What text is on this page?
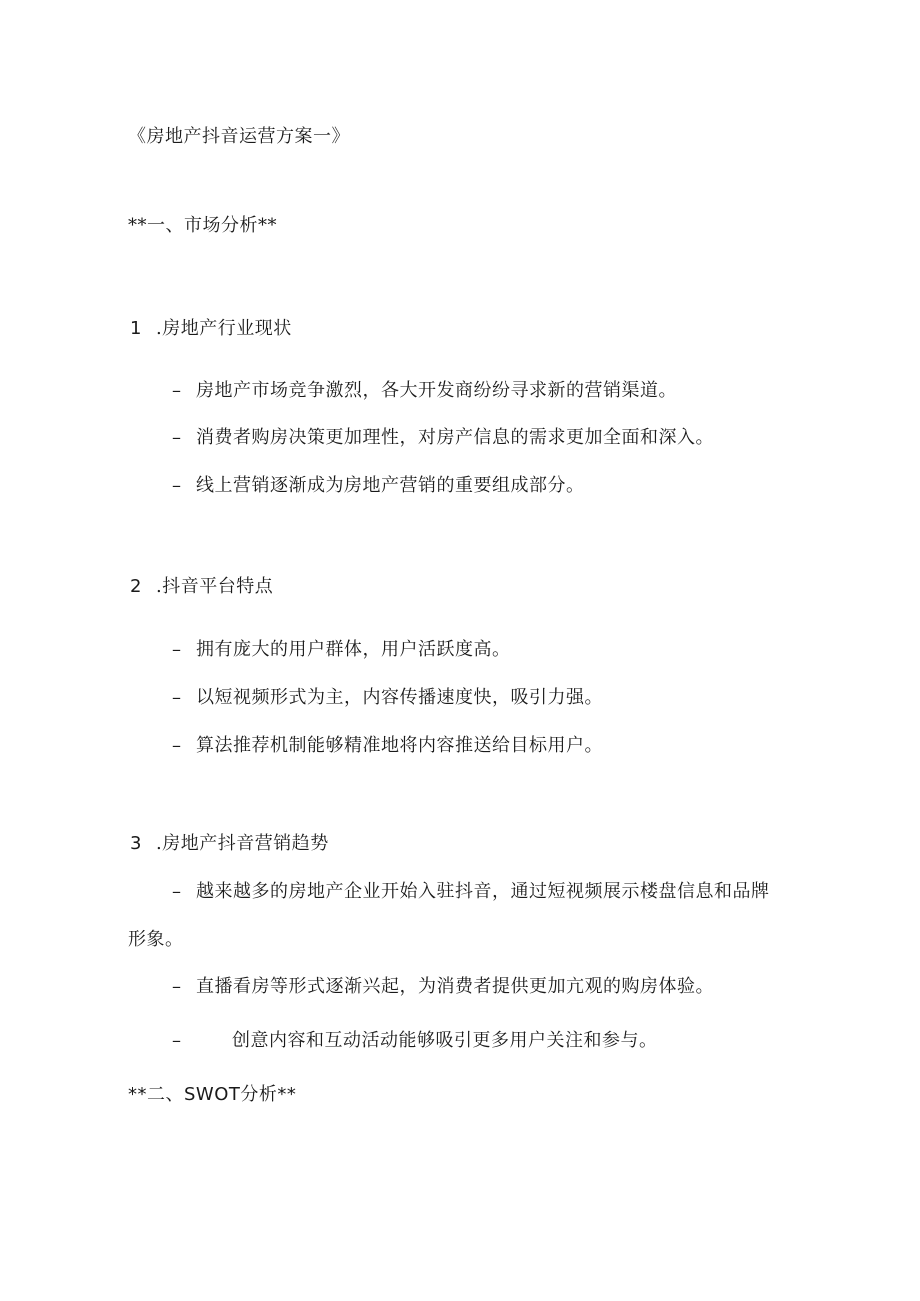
《房地产抖音运营方案一》
**一、市场分析**
1 .房地产行业现状
– 房地产市场竞争激烈，各大开发商纷纷寻求新的营销渠道。
– 消费者购房决策更加理性，对房产信息的需求更加全面和深入。
– 线上营销逐渐成为房地产营销的重要组成部分。
2 .抖音平台特点
– 拥有庞大的用户群体，用户活跃度高。
– 以短视频形式为主，内容传播速度快，吸引力强。
– 算法推荐机制能够精准地将内容推送给目标用户。
3 .房地产抖音营销趋势
– 越来越多的房地产企业开始入驻抖音，通过短视频展示楼盘信息和品牌
形象。
– 直播看房等形式逐渐兴起，为消费者提供更加亢观的购房体验。
–	创意内容和互动活动能够吸引更多用户关注和参与。
**二、SWOT分析**
